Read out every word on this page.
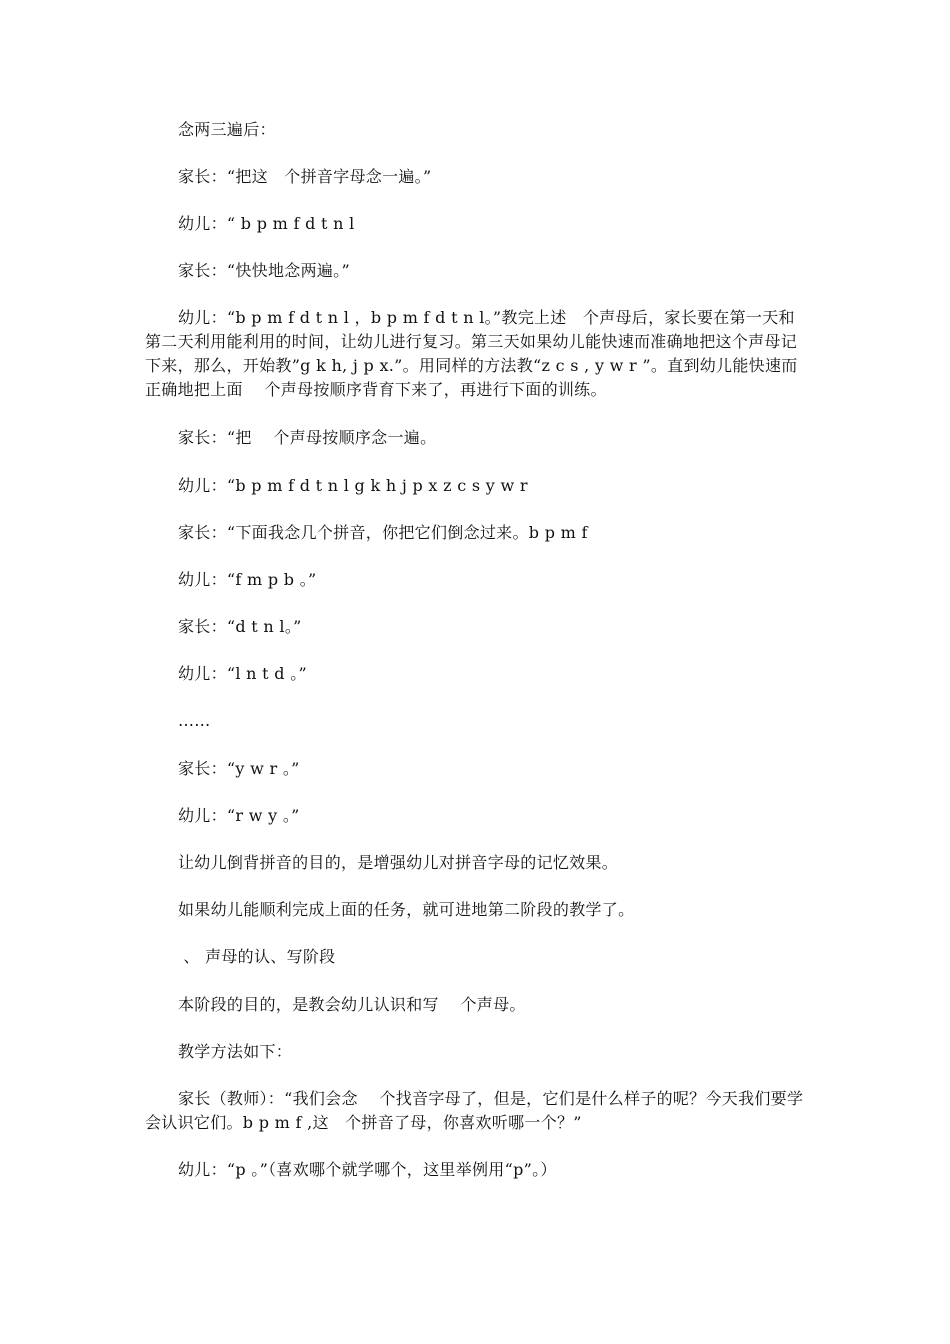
念两三遍后：

家长：“把这　个拼音字母念一遍。”

幼儿：“ b p m f d t n l

家长：“快快地念两遍。”

幼儿：“b p m f d t n l ，b p m f d t n l。”教完上述　个声母后，家长要在第一天和第二天利用能利用的时间，让幼儿进行复习。第三天如果幼儿能快速而准确地把这个声母记下来，那么，开始教”g k h, j p x.”。用同样的方法教“z c s , y w r ”。直到幼儿能快速而正确地把上面　 个声母按顺序背育下来了，再进行下面的训练。

家长：“把　 个声母按顺序念一遍。

幼儿：“b p m f d t n l g k h j p x z c s y w r

家长：“下面我念几个拼音，你把它们倒念过来。b p m f

幼儿：“f m p b 。”

家长：“d t n l。”

幼儿：“l n t d 。”

……

家长：“y w r 。”

幼儿：“r w y 。”

让幼儿倒背拼音的目的，是增强幼儿对拼音字母的记忆效果。

如果幼儿能顺利完成上面的任务，就可进地第二阶段的教学了。

、 声母的认、写阶段

本阶段的目的，是教会幼儿认识和写　 个声母。

教学方法如下：

家长（教师）：“我们会念　 个找音字母了，但是，它们是什么样子的呢？今天我们要学会认识它们。b p m f ,这　个拼音了母，你喜欢听哪一个？”

幼儿：“p 。”（喜欢哪个就学哪个，这里举例用“p”。）
